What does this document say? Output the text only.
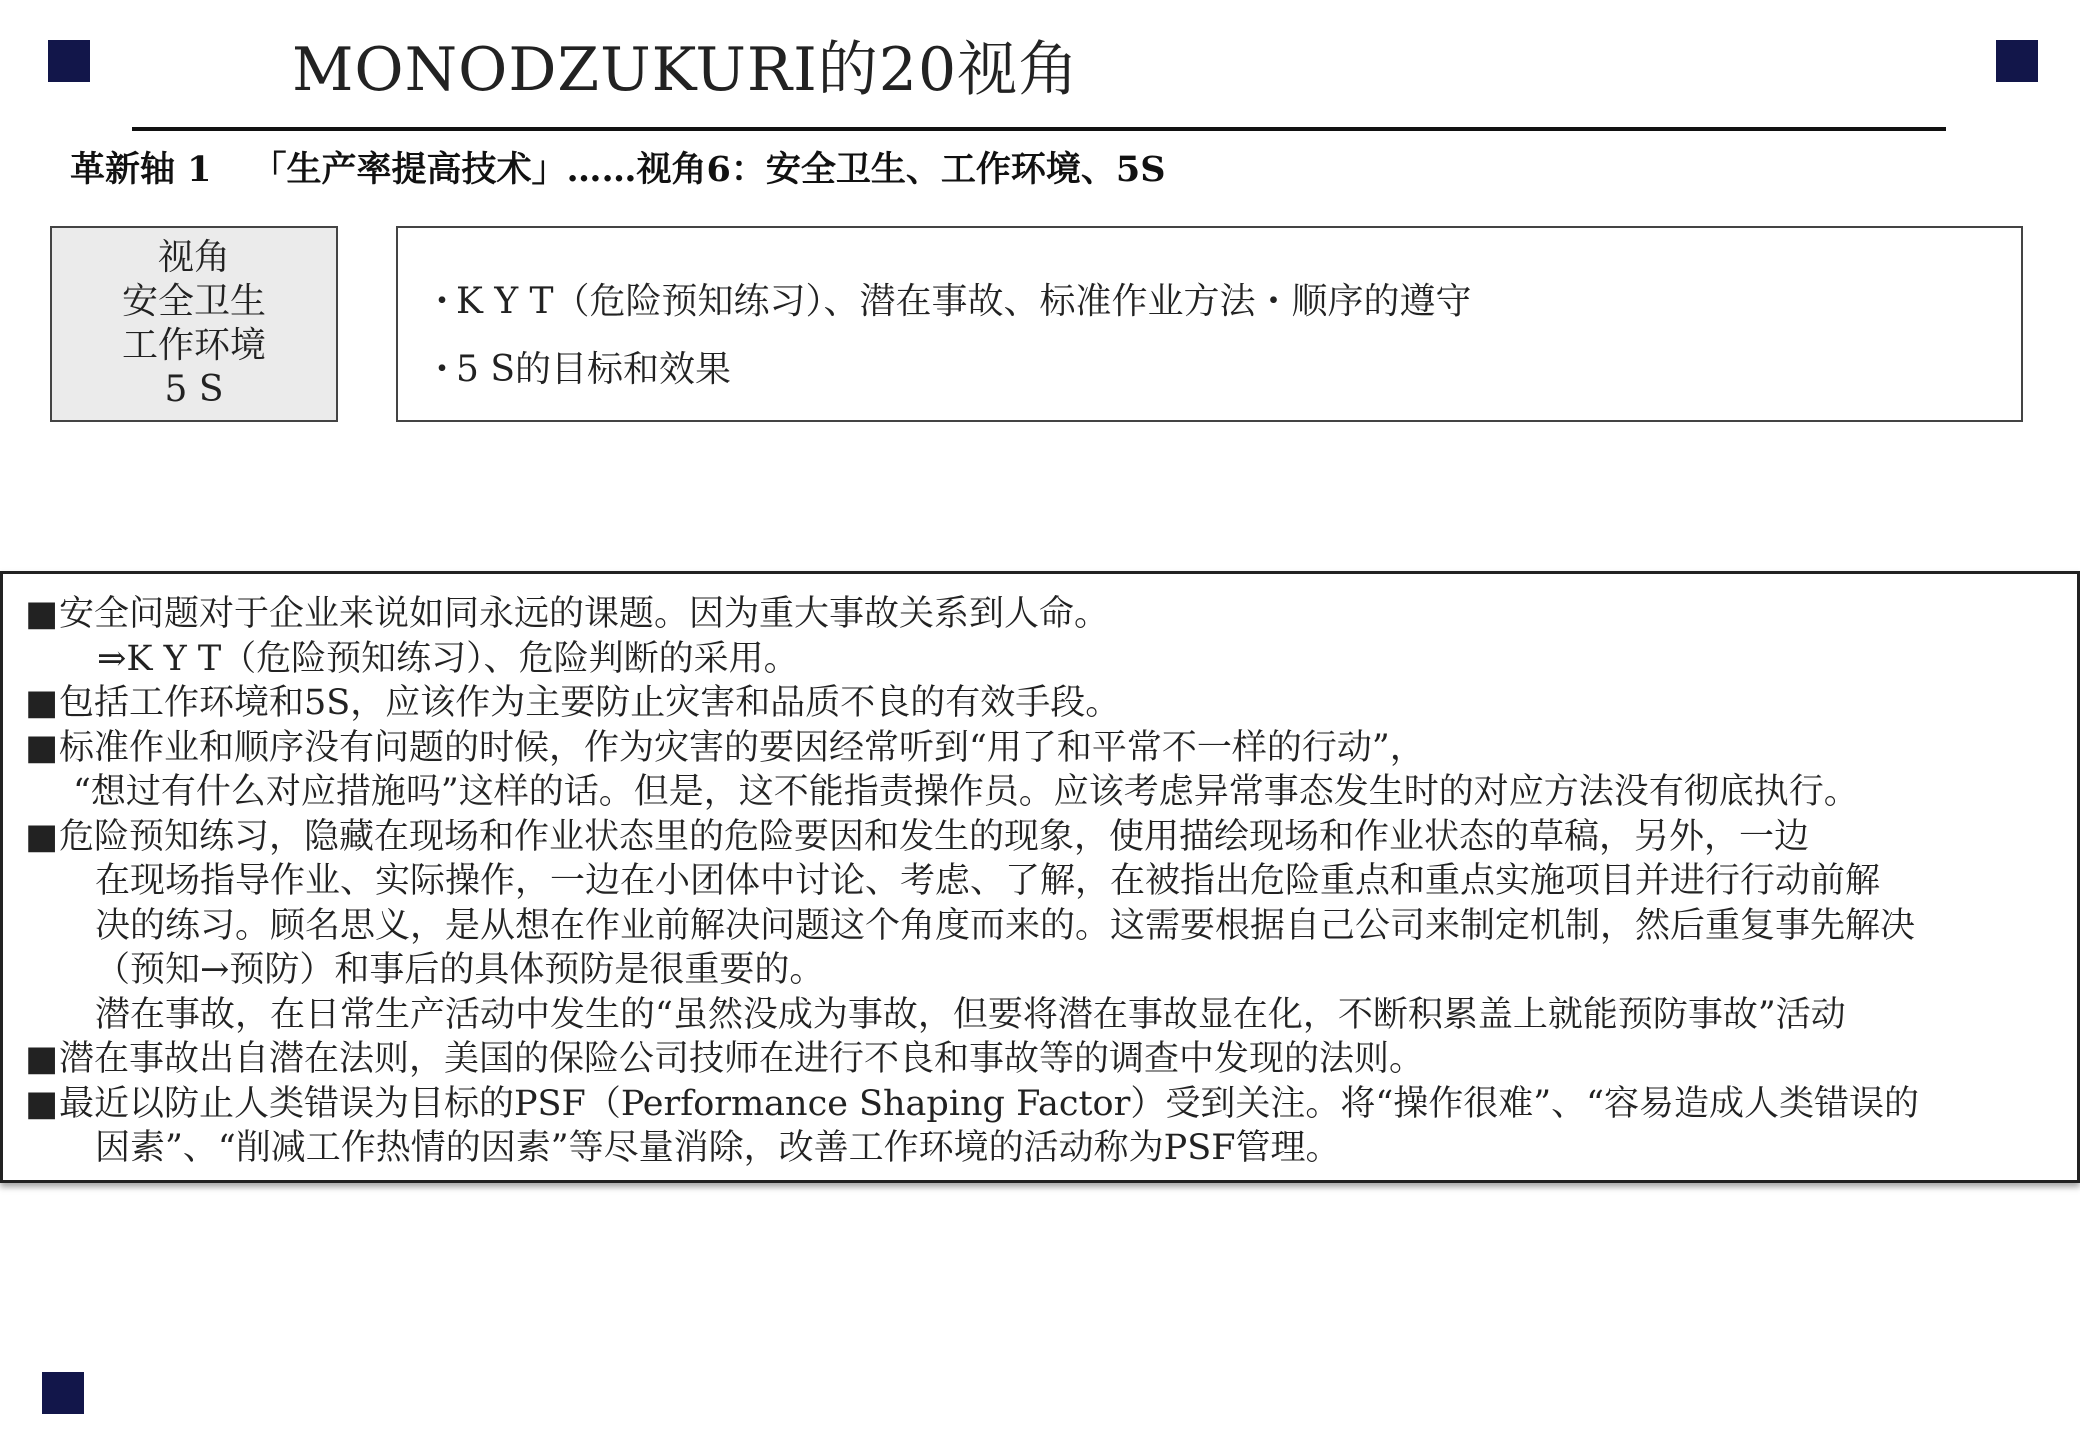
MONODZUKURI的20视角
革新轴 1 「生产率提高技术」……视角6：安全卫生、工作环境、5S
视角
安全卫生
工作环境
5 S
・K Y T（危险预知练习）、潜在事故、标准作业方法・顺序的遵守
・5 S的目标和效果
■安全问题对于企业来说如同永远的课题。因为重大事故关系到人命。
⇒K Y T（危险预知练习）、危险判断的采用。
■包括工作环境和5S，应该作为主要防止灾害和品质不良的有效手段。
■标准作业和顺序没有问题的时候，作为灾害的要因经常听到“用了和平常不一样的行动”，
“想过有什么对应措施吗”这样的话。但是，这不能指责操作员。应该考虑异常事态发生时的对应方法没有彻底执行。
■危险预知练习，隐藏在现场和作业状态里的危险要因和发生的现象，使用描绘现场和作业状态的草稿，另外，一边
在现场指导作业、实际操作，一边在小团体中讨论、考虑、了解，在被指出危险重点和重点实施项目并进行行动前解
决的练习。顾名思义，是从想在作业前解决问题这个角度而来的。这需要根据自己公司来制定机制，然后重复事先解决
（预知→预防）和事后的具体预防是很重要的。
潜在事故，在日常生产活动中发生的“虽然没成为事故，但要将潜在事故显在化，不断积累盖上就能预防事故”活动
■潜在事故出自潜在法则，美国的保险公司技师在进行不良和事故等的调查中发现的法则。
■最近以防止人类错误为目标的PSF（Performance Shaping Factor）受到关注。将“操作很难”、“容易造成人类错误的
因素”、“削减工作热情的因素”等尽量消除，改善工作环境的活动称为PSF管理。
